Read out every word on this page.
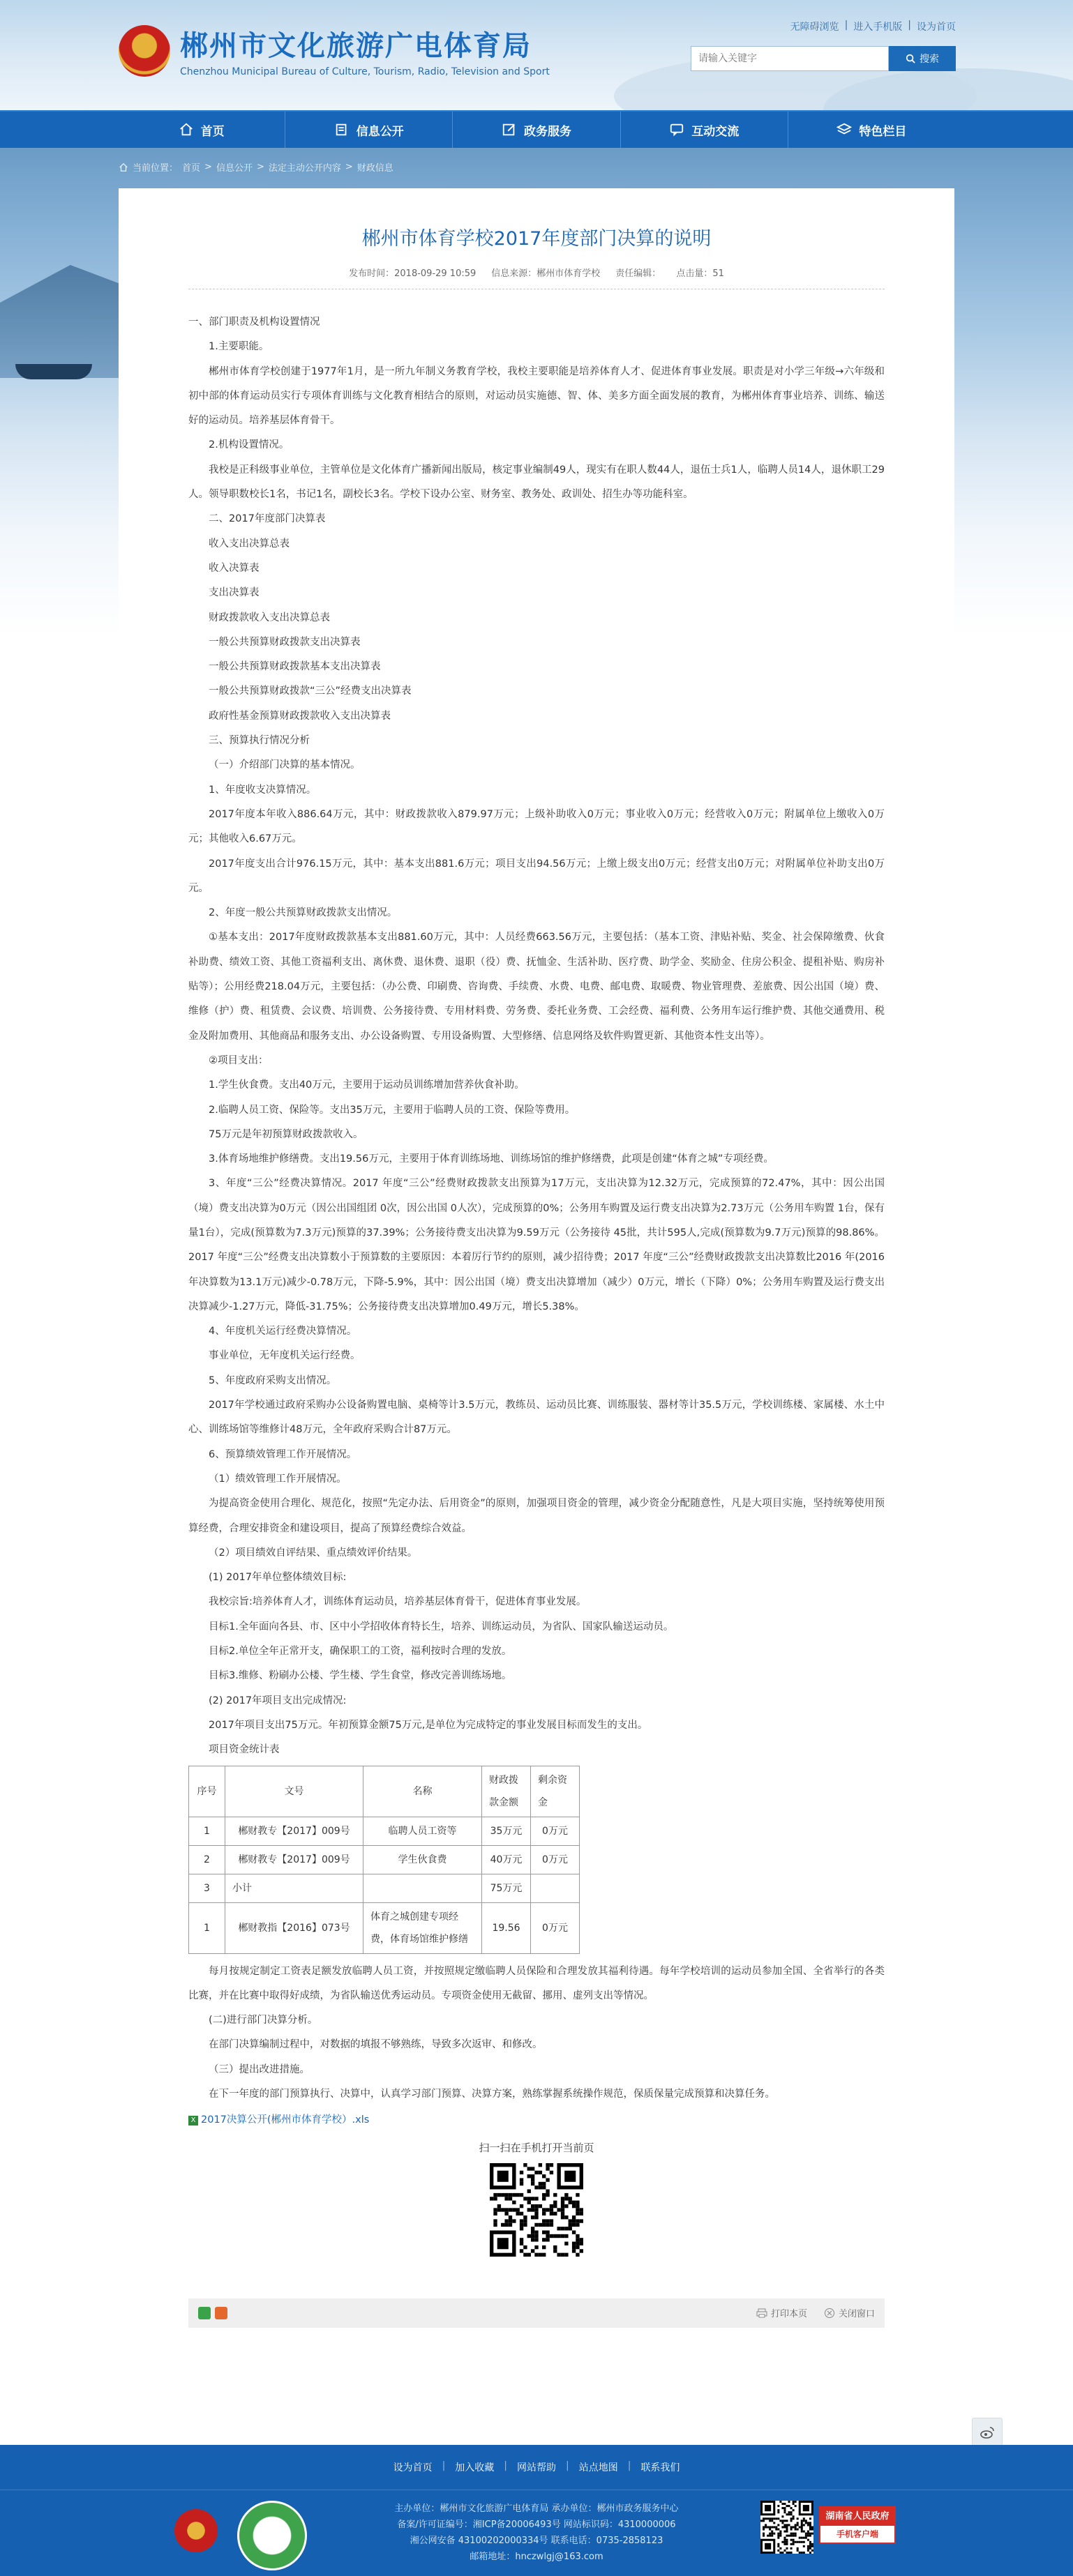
郴州市文化旅游广电体育局
Chenzhou Municipal Bureau of Culture, Tourism, Radio, Television and Sport
无障碍浏览 | 进入手机版 | 设为首页
请输入关键字
搜索
首页	信息公开	政务服务	互动交流	特色栏目
当前位置： 首页 > 信息公开 > 法定主动公开内容 > 财政信息
郴州市体育学校2017年度部门决算的说明
发布时间：2018-09-29 10:59 信息来源：郴州市体育学校 责任编辑： 点击量：51

一、部门职责及机构设置情况

1.主要职能。

郴州市体育学校创建于1977年1月，是一所九年制义务教育学校，我校主要职能是培养体育人才、促进体育事业发展。职责是对小学三年级→六年级和初中部的体育运动员实行专项体育训练与文化教育相结合的原则，对运动员实施德、智、体、美多方面全面发展的教育，为郴州体育事业培养、训练、输送好的运动员。培养基层体育骨干。

2.机构设置情况。

我校是正科级事业单位，主管单位是文化体育广播新闻出版局，核定事业编制49人，现实有在职人数44人，退伍士兵1人，临聘人员14人，退休职工29人。领导职数校长1名，书记1名，副校长3名。学校下设办公室、财务室、教务处、政训处、招生办等功能科室。

二、2017年度部门决算表

收入支出决算总表

收入决算表

支出决算表

财政拨款收入支出决算总表

一般公共预算财政拨款支出决算表

一般公共预算财政拨款基本支出决算表

一般公共预算财政拨款“三公”经费支出决算表

政府性基金预算财政拨款收入支出决算表

三、预算执行情况分析

（一）介绍部门决算的基本情况。

1、年度收支决算情况。

2017年度本年收入886.64万元，其中：财政拨款收入879.97万元；上级补助收入0万元；事业收入0万元；经营收入0万元；附属单位上缴收入0万元；其他收入6.67万元。

2017年度支出合计976.15万元，其中：基本支出881.6万元；项目支出94.56万元；上缴上级支出0万元；经营支出0万元；对附属单位补助支出0万元。

2、年度一般公共预算财政拨款支出情况。

①基本支出：2017年度财政拨款基本支出881.60万元，其中：人员经费663.56万元，主要包括：（基本工资、津贴补贴、奖金、社会保障缴费、伙食补助费、绩效工资、其他工资福利支出、离休费、退休费、退职（役）费、抚恤金、生活补助、医疗费、助学金、奖励金、住房公积金、提租补贴、购房补贴等）；公用经费218.04万元，主要包括：（办公费、印刷费、咨询费、手续费、水费、电费、邮电费、取暖费、物业管理费、差旅费、因公出国（境）费、维修（护）费、租赁费、会议费、培训费、公务接待费、专用材料费、劳务费、委托业务费、工会经费、福利费、公务用车运行维护费、其他交通费用、税金及附加费用、其他商品和服务支出、办公设备购置、专用设备购置、大型修缮、信息网络及软件购置更新、其他资本性支出等）。

②项目支出：

1.学生伙食费。支出40万元，主要用于运动员训练增加营养伙食补助。

2.临聘人员工资、保险等。支出35万元，主要用于临聘人员的工资、保险等费用。

75万元是年初预算财政拨款收入。

3.体育场地维护修缮费。支出19.56万元，主要用于体育训练场地、训练场馆的维护修缮费，此项是创建“体育之城”专项经费。

3、年度“三公”经费决算情况。2017 年度“三公”经费财政拨款支出预算为17万元，支出决算为12.32万元，完成预算的72.47%，其中：因公出国（境）费支出决算为0万元（因公出国组团 0次，因公出国 0人次），完成预算的0%；公务用车购置及运行费支出决算为2.73万元（公务用车购置 1台，保有量1台），完成(预算数为7.3万元)预算的37.39%；公务接待费支出决算为9.59万元（公务接待 45批，共计595人,完成(预算数为9.7万元)预算的98.86%。2017 年度“三公”经费支出决算数小于预算数的主要原因：本着厉行节约的原则，减少招待费；2017 年度“三公”经费财政拨款支出决算数比2016 年(2016年决算数为13.1万元)减少-0.78万元，下降-5.9%，其中：因公出国（境）费支出决算增加（减少）0万元，增长（下降）0%；公务用车购置及运行费支出决算减少-1.27万元，降低-31.75%；公务接待费支出决算增加0.49万元，增长5.38%。

4、年度机关运行经费决算情况。

事业单位，无年度机关运行经费。

5、年度政府采购支出情况。

2017年学校通过政府采购办公设备购置电脑、桌椅等计3.5万元，教练员、运动员比赛、训练服装、器材等计35.5万元，学校训练楼、家属楼、水土中心、训练场馆等维修计48万元，全年政府采购合计87万元。

6、预算绩效管理工作开展情况。

（1）绩效管理工作开展情况。

为提高资金使用合理化、规范化，按照“先定办法、后用资金”的原则，加强项目资金的管理，减少资金分配随意性，凡是大项目实施，坚持统筹使用预算经费，合理安排资金和建设项目，提高了预算经费综合效益。

（2）项目绩效自评结果、重点绩效评价结果。

(1) 2017年单位整体绩效目标:

我校宗旨:培养体育人才，训练体育运动员，培养基层体育骨干，促进体育事业发展。

目标1.全年面向各县、市、区中小学招收体育特长生，培养、训练运动员，为省队、国家队输送运动员。

目标2.单位全年正常开支，确保职工的工资，福利按时合理的发放。

目标3.维修、粉刷办公楼、学生楼、学生食堂，修改完善训练场地。

(2) 2017年项目支出完成情况:

2017年项目支出75万元。年初预算金额75万元,是单位为完成特定的事业发展目标而发生的支出。

项目资金统计表

序号	文号	名称	财政拨款金额	剩余资金
1	郴财教专【2017】009号	临聘人员工资等	35万元	0万元
2	郴财教专【2017】009号	学生伙食费	40万元	0万元
3	小计		75万元	
1	郴财教指【2016】073号	体育之城创建专项经费，体育场馆维护修缮	19.56	0万元

每月按规定制定工资表足额发放临聘人员工资，并按照规定缴临聘人员保险和合理发放其福利待遇。每年学校培训的运动员参加全国、全省举行的各类比赛，并在比赛中取得好成绩，为省队输送优秀运动员。专项资金使用无截留、挪用、虚列支出等情况。

(二)进行部门决算分析。

在部门决算编制过程中，对数据的填报不够熟练，导致多次返审、和修改。

（三）提出改进措施。

在下一年度的部门预算执行、决算中，认真学习部门预算、决算方案，熟练掌握系统操作规范，保质保量完成预算和决算任务。

X 2017决算公开(郴州市体育学校）.xls
扫一扫在手机打开当前页
打印本页	关闭窗口
设为首页 | 加入收藏 | 网站帮助 | 站点地图 | 联系我们
主办单位：郴州市文化旅游广电体育局 承办单位：郴州市政务服务中心
备案/许可证编号：湘ICP备20006493号 网站标识码：4310000006
湘公网安备 43100202000334号 联系电话：0735-2858123
邮箱地址：hnczwlgj@163.com
湖南省人民政府
手机客户端
